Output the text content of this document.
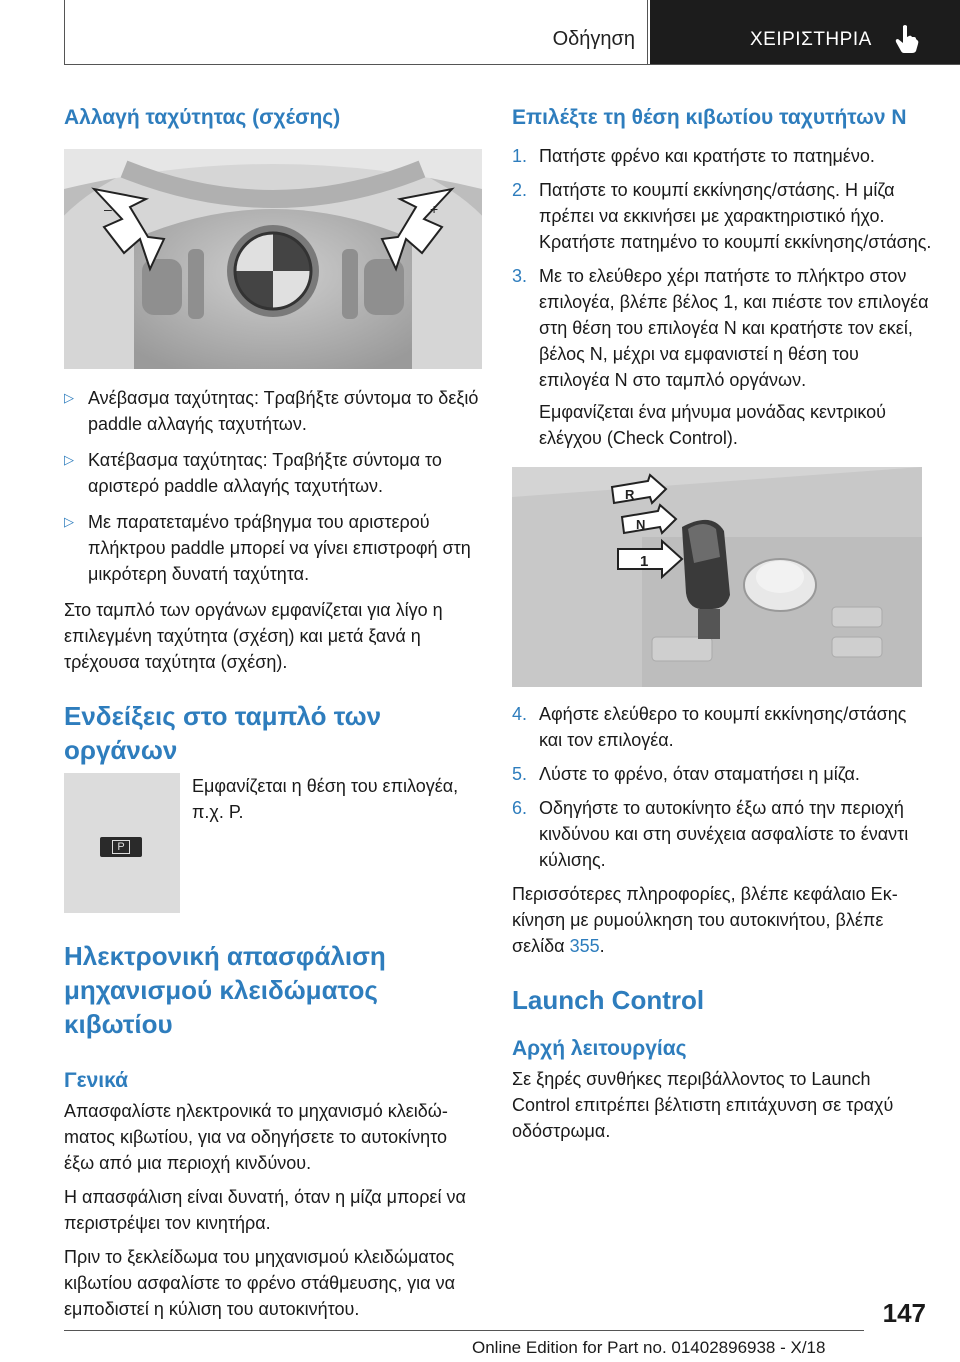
Οδήγηση	ΧΕΙΡΙΣΤΗΡΙΑ
Αλλαγή ταχύτητας (σχέσης)
–	+
▷ Ανέβασμα ταχύτητας: Τραβήξτε σύντομα το δεξιό paddle αλλαγής ταχυτήτων.
▷ Κατέβασμα ταχύτητας: Τραβήξτε σύντομα το αριστερό paddle αλλαγής ταχυτήτων.
▷ Με παρατεταμένο τράβηγμα του αριστερού πλήκτρου paddle μπορεί να γίνει επιστροφή στη μικρότερη δυνατή ταχύτητα.

Στο ταμπλό των οργάνων εμφανίζεται για λίγο η επιλεγμένη ταχύτητα (σχέση) και μετά ξανά η τρέχουσα ταχύτητα (σχέση).

Ενδείξεις στο ταμπλό των οργάνων
P

Εμφανίζεται η θέση του επιλογέα, π.χ. P.

Ηλεκτρονική απασφάλιση μηχανισμού κλειδώματος κιβωτίου
Γενικά

Απασφαλίστε ηλεκτρονικά το μηχανισμό κλειδώmατος κιβωτίου, για να οδηγήσετε το αυτοκίνητο έξω από μια περιοχή κινδύνου.

Η απασφάλιση είναι δυνατή, όταν η μίζα μπορεί να περιστρέψει τον κινητήρα.

Πριν το ξεκλείδωμα του μηχανισμού κλειδώματος κιβωτίου ασφαλίστε το φρένο στάθμευσης, για να εμποδιστεί η κύλιση του αυτοκινήτου.

Επιλέξτε τη θέση κιβωτίου ταχυτήτων N
1. Πατήστε φρένο και κρατήστε το πατημένο.
2. Πατήστε το κουμπί εκκίνησης/στάσης. Η μίζα πρέπει να εκκινήσει με χαρακτηριστικό ήχο. Κρατήστε πατημένο το κουμπί εκκίνησης/στάσης.
3. Με το ελεύθερο χέρι πατήστε το πλήκτρο στον επιλογέα, βλέπε βέλος 1, και πιέστε τον επιλογέα στη θέση του επιλογέα N και κρατήστε τον εκεί, βέλος N, μέχρι να εμφανιστεί η θέση του επιλογέα N στο ταμπλό οργάνων.
Εμφανίζεται ένα μήνυμα μονάδας κεντρικού ελέγχου (Check Control).
R
N
1
4. Αφήστε ελεύθερο το κουμπί εκκίνησης/στάσης και τον επιλογέα.
5. Λύστε το φρένο, όταν σταματήσει η μίζα.
6. Οδηγήστε το αυτοκίνητο έξω από την περιοχή κινδύνου και στη συνέχεια ασφαλίστε το έναντι κύλισης.

Περισσότερες πληροφορίες, βλέπε κεφάλαιο Εκκίνηση με ρυμούλκηση του αυτοκινήτου, βλέπε σελίδα 355.

Launch Control
Αρχή λειτουργίας

Σε ξηρές συνθήκες περιβάλλοντος το Launch Control επιτρέπει βέλτιστη επιτάχυνση σε τραχύ οδόστρωμα.

147
Online Edition for Part no. 01402896938 - X/18
